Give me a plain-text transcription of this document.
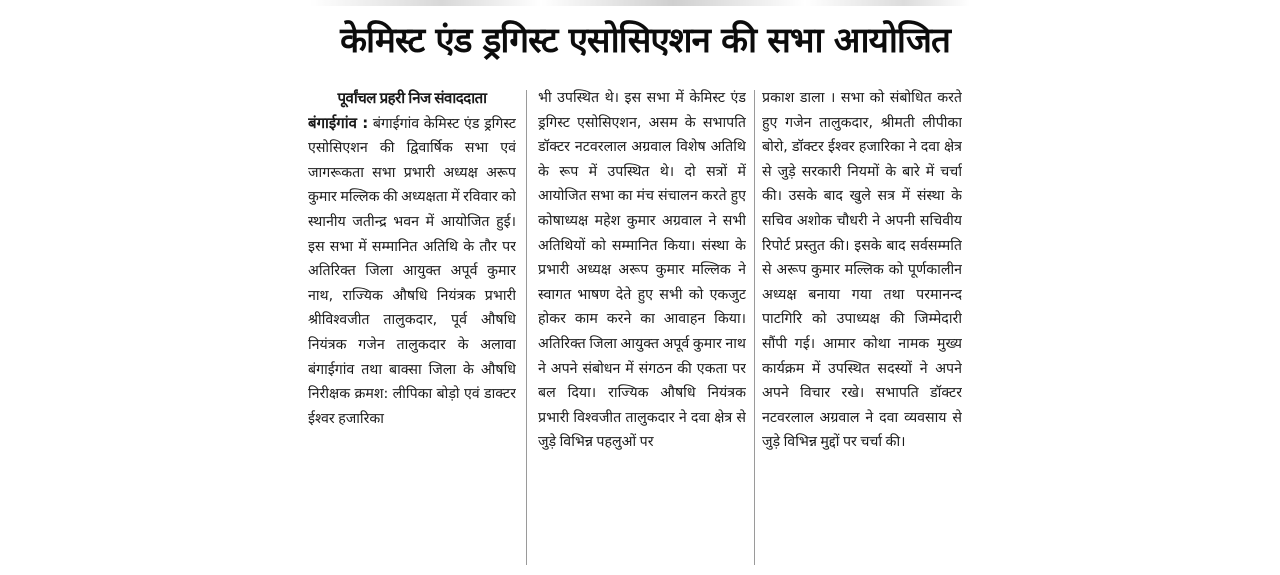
केमिस्ट एंड ड्रगिस्ट एसोसिएशन की सभा आयोजित
पूर्वांचल प्रहरी निज संवाददाता

बंगाईगांव : बंगाईगांव केमिस्ट एंड ड्रगिस्ट एसोसिएशन की द्विवार्षिक सभा एवं जागरूकता सभा प्रभारी अध्यक्ष अरूप कुमार मल्लिक की अध्यक्षता में रविवार को स्थानीय जतीन्द्र भवन में आयोजित हुई। इस सभा में सम्मानित अतिथि के तौर पर अतिरिक्त जिला आयुक्त अपूर्व कुमार नाथ, राज्यिक औषधि नियंत्रक प्रभारी श्रीविश्वजीत तालुकदार, पूर्व औषधि नियंत्रक गजेन तालुकदार के अलावा बंगाईगांव तथा बाक्सा जिला के औषधि निरीक्षक क्रमश: लीपिका बोड़ो एवं डाक्टर ईश्वर हजारिका

भी उपस्थित थे। इस सभा में केमिस्ट एंड ड्रगिस्ट एसोसिएशन, असम के सभापति डॉक्टर नटवरलाल अग्रवाल विशेष अतिथि के रूप में उपस्थित थे। दो सत्रों में आयोजित सभा का मंच संचालन करते हुए कोषाध्यक्ष महेश कुमार अग्रवाल ने सभी अतिथियों को सम्मानित किया। संस्था के प्रभारी अध्यक्ष अरूप कुमार मल्लिक ने स्वागत भाषण देते हुए सभी को एकजुट होकर काम करने का आवाहन किया। अतिरिक्त जिला आयुक्त अपूर्व कुमार नाथ ने अपने संबोधन में संगठन की एकता पर बल दिया। राज्यिक औषधि नियंत्रक प्रभारी विश्वजीत तालुकदार ने दवा क्षेत्र से जुड़े विभिन्न पहलुओं पर

प्रकाश डाला । सभा को संबोधित करते हुए गजेन तालुकदार, श्रीमती लीपीका बोरो, डॉक्टर ईश्वर हजारिका ने दवा क्षेत्र से जुड़े सरकारी नियमों के बारे में चर्चा की। उसके बाद खुले सत्र में संस्था के सचिव अशोक चौधरी ने अपनी सचिवीय रिपोर्ट प्रस्तुत की। इसके बाद सर्वसम्मति से अरूप कुमार मल्लिक को पूर्णकालीन अध्यक्ष बनाया गया तथा परमानन्द पाटगिरि को उपाध्यक्ष की जिम्मेदारी सौंपी गई। आमार कोथा नामक मुख्य कार्यक्रम में उपस्थित सदस्यों ने अपने अपने विचार रखे। सभापति डॉक्टर नटवरलाल अग्रवाल ने दवा व्यवसाय से जुड़े विभिन्न मुद्दों पर चर्चा की।
